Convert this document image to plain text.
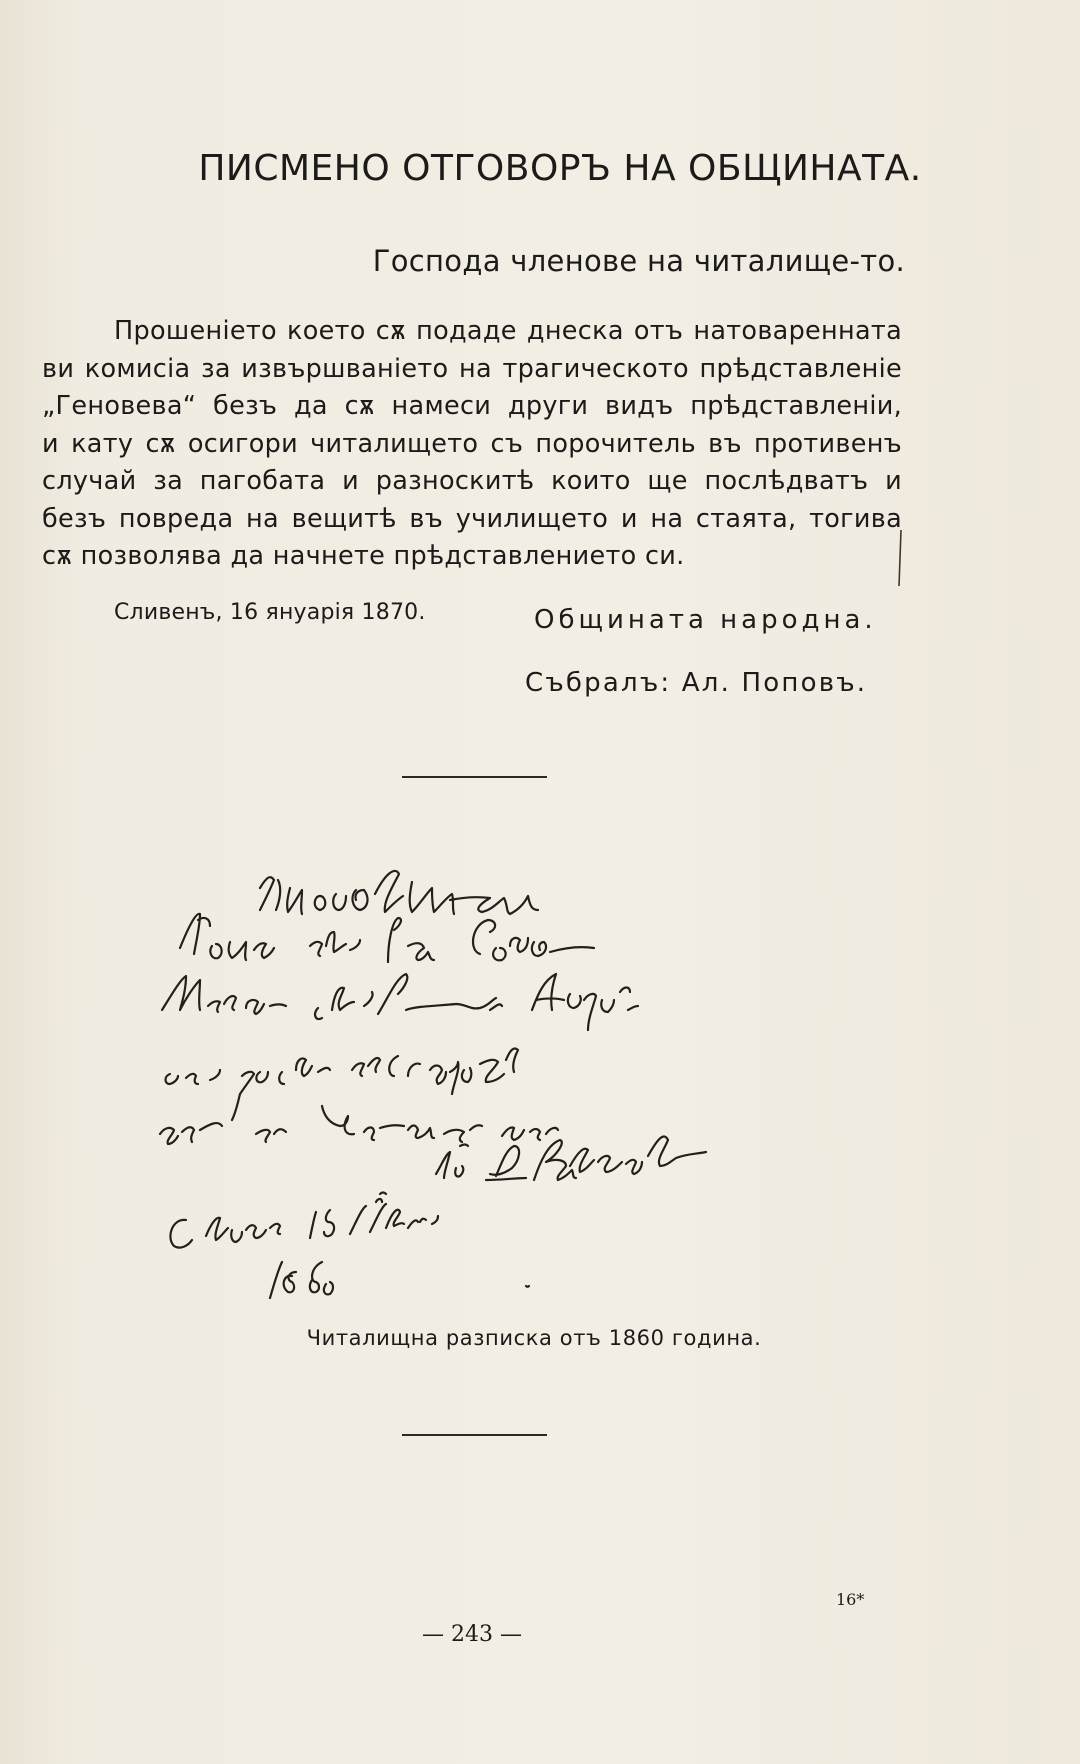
ПИСМЕНО ОТГОВОРЪ НА ОБЩИНАТА.
Господа членове на читалище-то.
Прошеніето което сѫ подаде днеска отъ натоваренната
ви комисіа за извършваніето на трагическото прѣдставленіе
„Геновева“ безъ да сѫ намеси други видъ прѣдставленіи,
и кату сѫ осигори читалището съ порочитель въ противенъ
случай за пагобата и разноскитѣ които ще послѣдватъ и
безъ повреда на вещитѣ въ училището и на стаята, тогива
сѫ позволява да начнете прѣдставлението си.
Сливенъ, 16 януарія 1870.	Общината народна.
Събралъ: Ал. Поповъ.
Читалищна разписка отъ 1860 година.
— 243 —
16*
